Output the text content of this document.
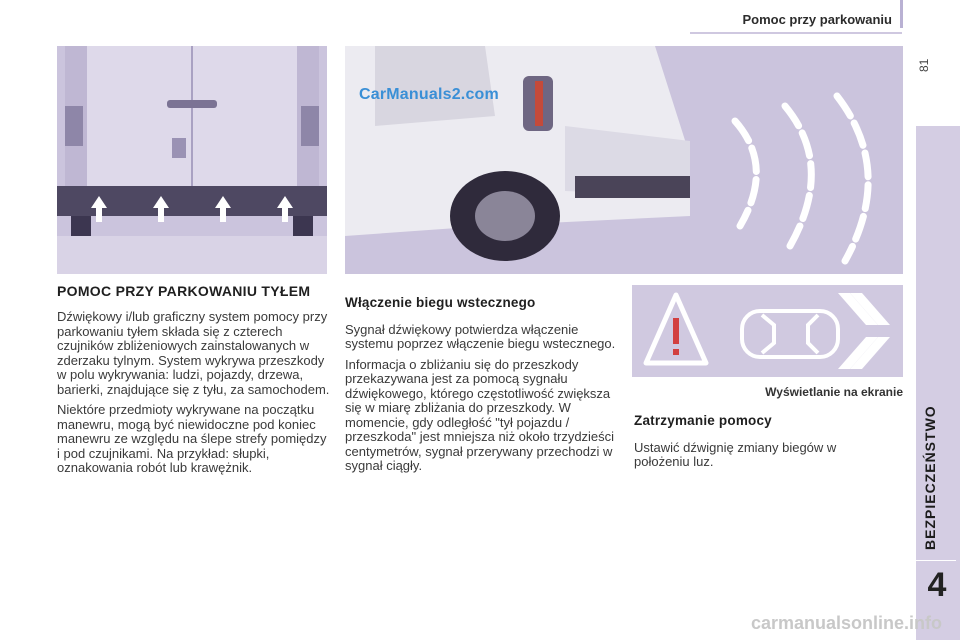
Pomoc przy parkowaniu
81
BEZPIECZEŃSTWO
4
CarManuals2.com
Wyświetlanie na ekranie
POMOC PRZY PARKOWANIU TYŁEM

Dźwiękowy i/lub graficzny system pomocy przy parkowaniu tyłem składa się z czterech czujników zbliżeniowych zainstalowanych w zderzaku tylnym. System wykrywa przeszkody w polu wykrywania: ludzi, pojazdy, drzewa, barierki, znajdujące się z tyłu, za samochodem.

Niektóre przedmioty wykrywane na początku manewru, mogą być niewidoczne pod koniec manewru ze względu na ślepe strefy pomiędzy i pod czujnikami. Na przykład: słupki, oznakowania robót lub krawężnik.

Włączenie biegu wstecznego

Sygnał dźwiękowy potwierdza włączenie systemu poprzez włączenie biegu wstecznego.

Informacja o zbliżaniu się do przeszkody przekazywana jest za pomocą sygnału dźwiękowego, którego częstotliwość zwiększa się w miarę zbliżania do przeszkody. W momencie, gdy odległość "tył pojazdu / przeszkoda" jest mniejsza niż około trzydzieści centymetrów, sygnał przerywany przechodzi w sygnał ciągły.

Zatrzymanie pomocy

Ustawić dźwignię zmiany biegów w położeniu luz.

carmanualsonline.info
